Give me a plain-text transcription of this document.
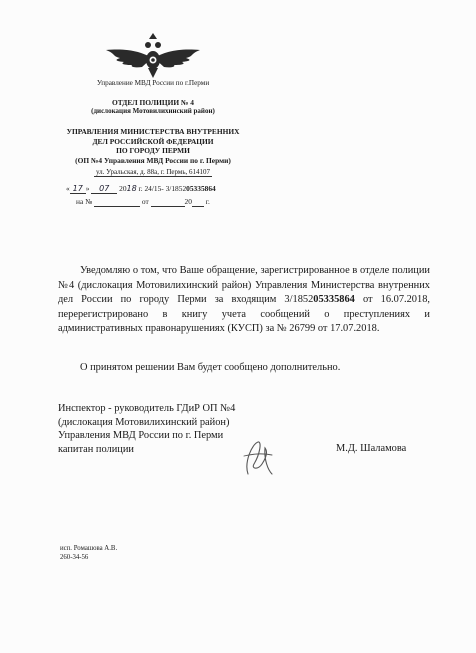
Управление МВД России по г.Перми
ОТДЕЛ ПОЛИЦИИ № 4
(дислокация Мотовилихинский район)
УПРАВЛЕНИЯ МИНИСТЕРСТВА ВНУТРЕННИХ
ДЕЛ РОССИЙСКОЙ ФЕДЕРАЦИИ
ПО ГОРОДУ ПЕРМИ
(ОП №4 Управления МВД России по г. Перми)
ул. Уральская, д. 88а, г. Пермь, 614107
« 17 » 07 2018 г. 24/15- 3/185205335864
на №	от	20 г.
Уведомляю о том, что Ваше обращение, зарегистрированное в отделе полиции №4 (дислокация Мотовилихинский район) Управления Министерства внутренних дел России по городу Перми за входящим 3/185205335864 от 16.07.2018, перерегистрировано в книгу учета сообщений о преступлениях и административных правонарушениях (КУСП) за № 26799 от 17.07.2018.
О принятом решении Вам будет сообщено дополнительно.
Инспектор - руководитель ГДиР ОП №4
(дислокация Мотовилихинский район)
Управления МВД России по г. Перми
капитан полиции	М.Д. Шаламова
исп. Ромашова А.В.
260-34-56
